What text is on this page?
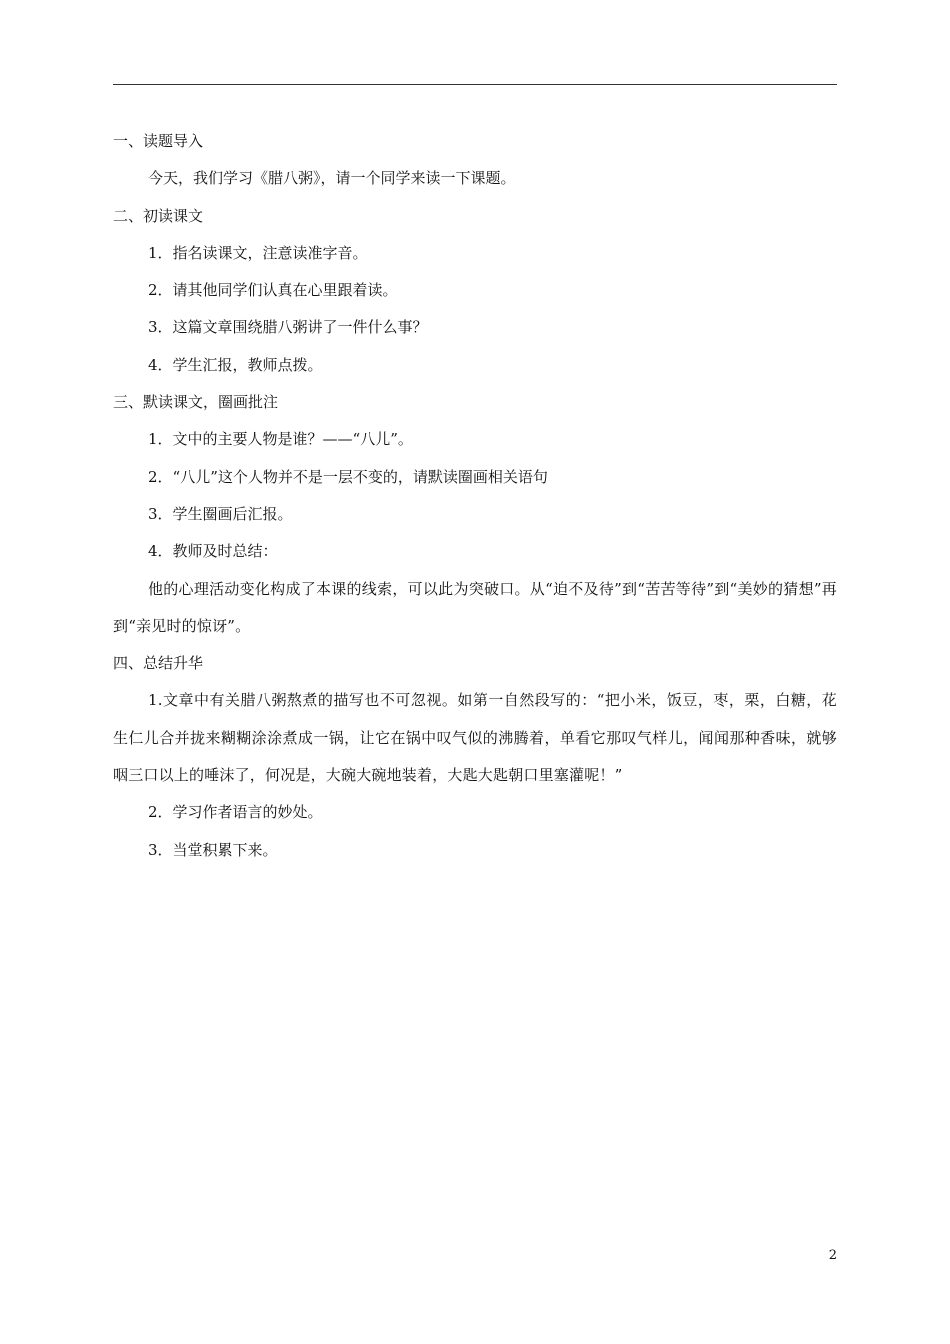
一、读题导入
今天，我们学习《腊八粥》，请一个同学来读一下课题。
二、初读课文
1．指名读课文，注意读准字音。
2．请其他同学们认真在心里跟着读。
3．这篇文章围绕腊八粥讲了一件什么事？
4．学生汇报，教师点拨。
三、默读课文，圈画批注
1．文中的主要人物是谁？——“八儿”。
2．“八儿”这个人物并不是一层不变的，请默读圈画相关语句
3．学生圈画后汇报。
4．教师及时总结：
他的心理活动变化构成了本课的线索，可以此为突破口。从“迫不及待”到“苦苦等待”到“美妙的猜想”再到“亲见时的惊讶”。
四、总结升华
1.文章中有关腊八粥熬煮的描写也不可忽视。如第一自然段写的：“把小米，饭豆，枣，栗，白糖，花生仁儿合并拢来糊糊涂涂煮成一锅，让它在锅中叹气似的沸腾着，单看它那叹气样儿，闻闻那种香味，就够咽三口以上的唾沫了，何况是，大碗大碗地装着，大匙大匙朝口里塞灌呢！”
2．学习作者语言的妙处。
3．当堂积累下来。
2
